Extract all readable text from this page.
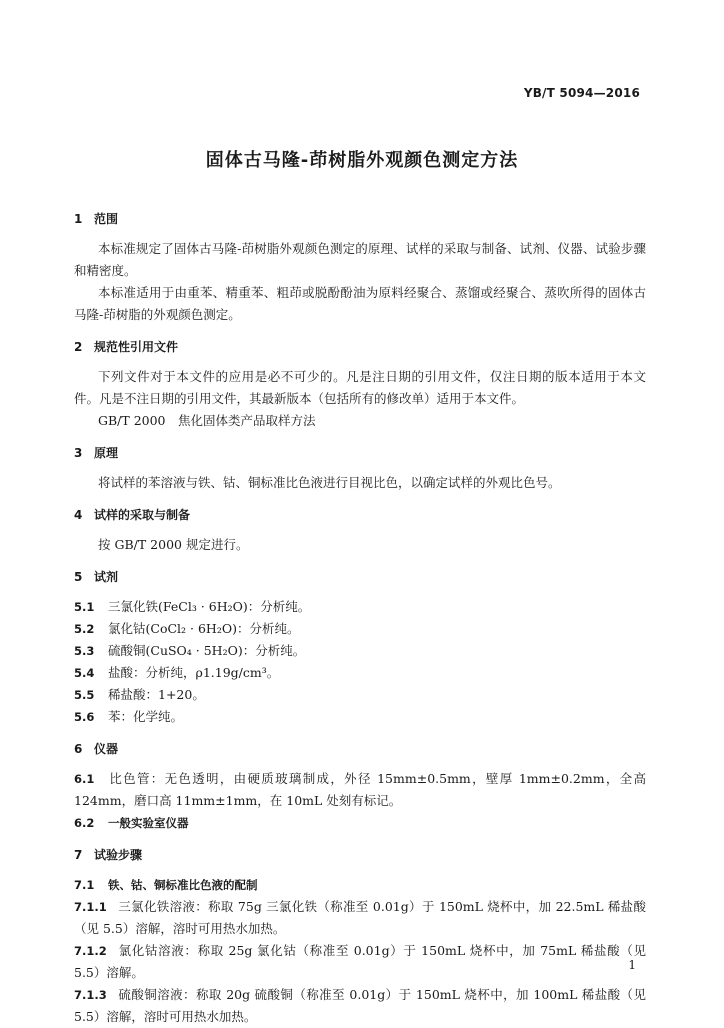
YB/T 5094—2016
固体古马隆-茚树脂外观颜色测定方法

1 范围

本标准规定了固体古马隆-茚树脂外观颜色测定的原理、试样的采取与制备、试剂、仪器、试验步骤和精密度。

本标准适用于由重苯、精重苯、粗茚或脱酚酚油为原料经聚合、蒸馏或经聚合、蒸吹所得的固体古马隆-茚树脂的外观颜色测定。

2 规范性引用文件

下列文件对于本文件的应用是必不可少的。凡是注日期的引用文件，仅注日期的版本适用于本文件。凡是不注日期的引用文件，其最新版本（包括所有的修改单）适用于本文件。

GB/T 2000　焦化固体类产品取样方法

3 原理

将试样的苯溶液与铁、钴、铜标准比色液进行目视比色，以确定试样的外观比色号。

4 试样的采取与制备

按 GB/T 2000 规定进行。

5 试剂

5.1 三氯化铁(FeCl₃ · 6H₂O)：分析纯。

5.2 氯化钴(CoCl₂ · 6H₂O)：分析纯。

5.3 硫酸铜(CuSO₄ · 5H₂O)：分析纯。

5.4 盐酸：分析纯，ρ1.19g/cm³。

5.5 稀盐酸：1+20。

5.6 苯：化学纯。

6 仪器

6.1 比色管：无色透明，由硬质玻璃制成，外径 15mm±0.5mm，壁厚 1mm±0.2mm，全高 124mm，磨口高 11mm±1mm，在 10mL 处刻有标记。

6.2 一般实验室仪器

7 试验步骤

7.1 铁、钴、铜标准比色液的配制

7.1.1 三氯化铁溶液：称取 75g 三氯化铁（称准至 0.01g）于 150mL 烧杯中，加 22.5mL 稀盐酸（见 5.5）溶解，溶时可用热水加热。

7.1.2 氯化钴溶液：称取 25g 氯化钴（称准至 0.01g）于 150mL 烧杯中，加 75mL 稀盐酸（见 5.5）溶解。

7.1.3 硫酸铜溶液：称取 20g 硫酸铜（称准至 0.01g）于 150mL 烧杯中，加 100mL 稀盐酸（见 5.5）溶解，溶时可用热水加热。

1
